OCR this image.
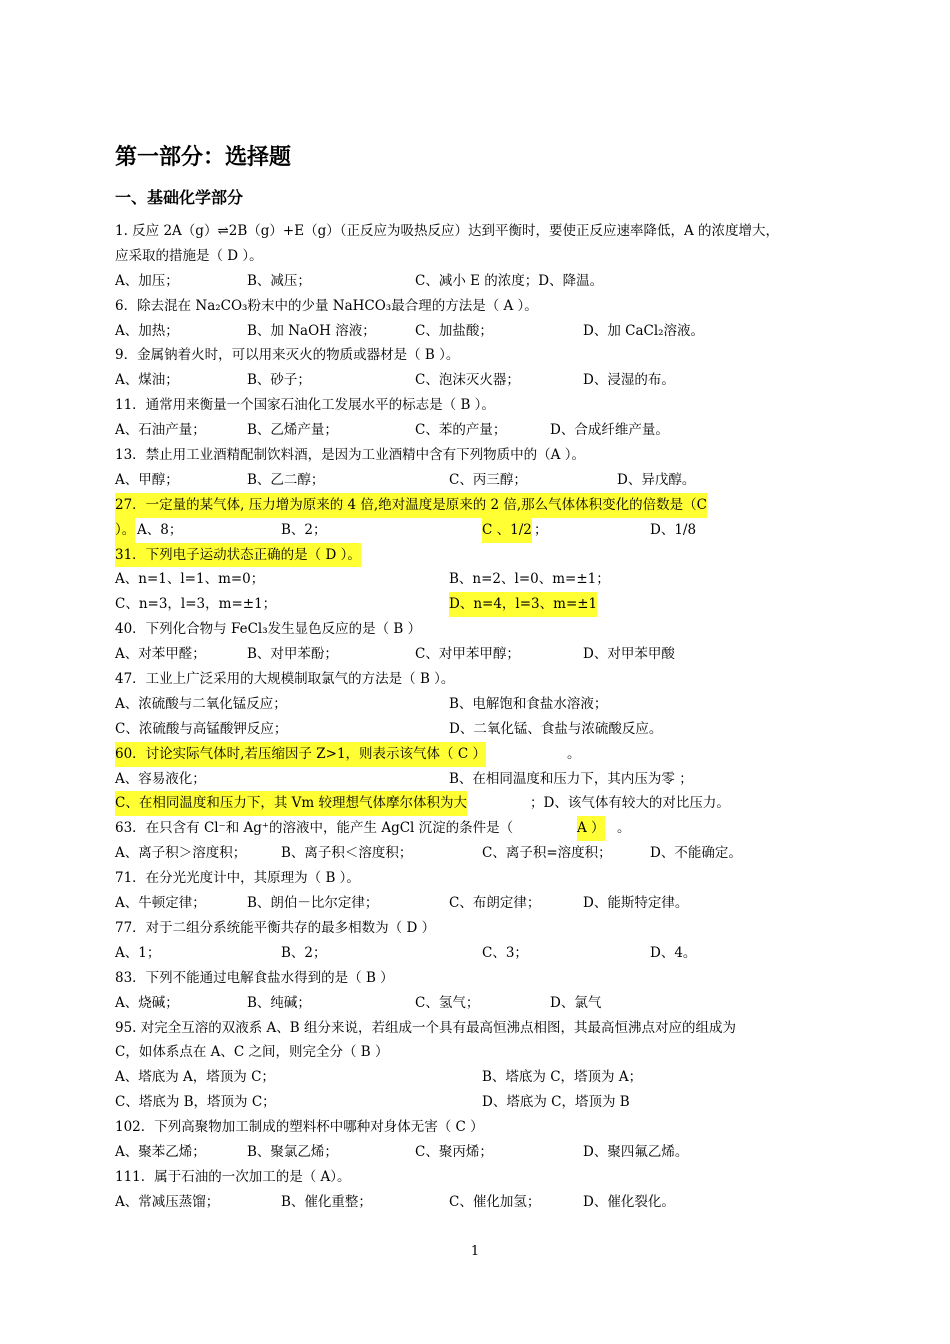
第一部分：选择题
一、基础化学部分
1. 反应 2A（g）⇌2B（g）+E（g）（正反应为吸热反应）达到平衡时，要使正反应速率降低，A 的浓度增大，
应采取的措施是（ D ）。
A、加压；	B、减压；	C、减小 E 的浓度；D、降温。
6．除去混在 Na₂CO₃粉末中的少量 NaHCO₃最合理的方法是（ A ）。
A、加热；	B、加 NaOH 溶液；	C、加盐酸；	D、加 CaCl₂溶液。
9．金属钠着火时，可以用来灭火的物质或器材是（ B ）。
A、煤油；	B、砂子；	C、泡沫灭火器；	D、浸湿的布。
11．通常用来衡量一个国家石油化工发展水平的标志是（ B ）。
A、石油产量；	B、乙烯产量；	C、苯的产量；	D、合成纤维产量。
13．禁止用工业酒精配制饮料酒，是因为工业酒精中含有下列物质中的（A ）。
A、甲醇；	B、乙二醇；	C、丙三醇；	D、异戊醇。
27．一定量的某气体, 压力增为原来的 4 倍,绝对温度是原来的 2 倍,那么气体体积变化的倍数是（C
）。 A、8；	B、2；	C 、1/2 ；	D、1/8
31．下列电子运动状态正确的是（ D ）。
A、n=1、l=1、m=0；	B、n=2、l=0、m=±1；
C、n=3，l=3，m=±1；	D、n=4，l=3、m=±1
40．下列化合物与 FeCl₃发生显色反应的是（ B ）
A、对苯甲醛；	B、对甲苯酚；	C、对甲苯甲醇；	D、对甲苯甲酸
47．工业上广泛采用的大规模制取氯气的方法是（ B ）。
A、浓硫酸与二氧化锰反应；	B、电解饱和食盐水溶液；
C、浓硫酸与高锰酸钾反应；	D、二氧化锰、食盐与浓硫酸反应。
60．讨论实际气体时,若压缩因子 Z>1，则表示该气体（ C ）	。
A、容易液化；	B、在相同温度和压力下，其内压为零 ；
C、在相同温度和压力下，其 Vm 较理想气体摩尔体积为大	；D、该气体有较大的对比压力。
63．在只含有 Cl⁻和 Ag⁺的溶液中，能产生 AgCl 沉淀的条件是（	A ） 。
A、离子积＞溶度积；	B、离子积＜溶度积；	C、离子积=溶度积；	D、不能确定。
71．在分光光度计中，其原理为（ B ）。
A、牛顿定律；	B、朗伯－比尔定律；	C、布朗定律；	D、能斯特定律。
77．对于二组分系统能平衡共存的最多相数为（ D ）
A、1；	B、2；	C、3；	D、4。
83．下列不能通过电解食盐水得到的是（ B ）
A、烧碱；	B、纯碱；	C、氢气；	D、氯气
95. 对完全互溶的双液系 A、B 组分来说，若组成一个具有最高恒沸点相图，其最高恒沸点对应的组成为
C，如体系点在 A、C 之间，则完全分（ B ）
A、塔底为 A，塔顶为 C；	B、塔底为 C，塔顶为 A；
C、塔底为 B，塔顶为 C；	D、塔底为 C，塔顶为 B
102．下列高聚物加工制成的塑料杯中哪种对身体无害（ C ）
A、聚苯乙烯；	B、聚氯乙烯；	C、聚丙烯；	D、聚四氟乙烯。
111．属于石油的一次加工的是（ A）。
A、常减压蒸馏；	B、催化重整；	C、催化加氢；	D、催化裂化。
1
